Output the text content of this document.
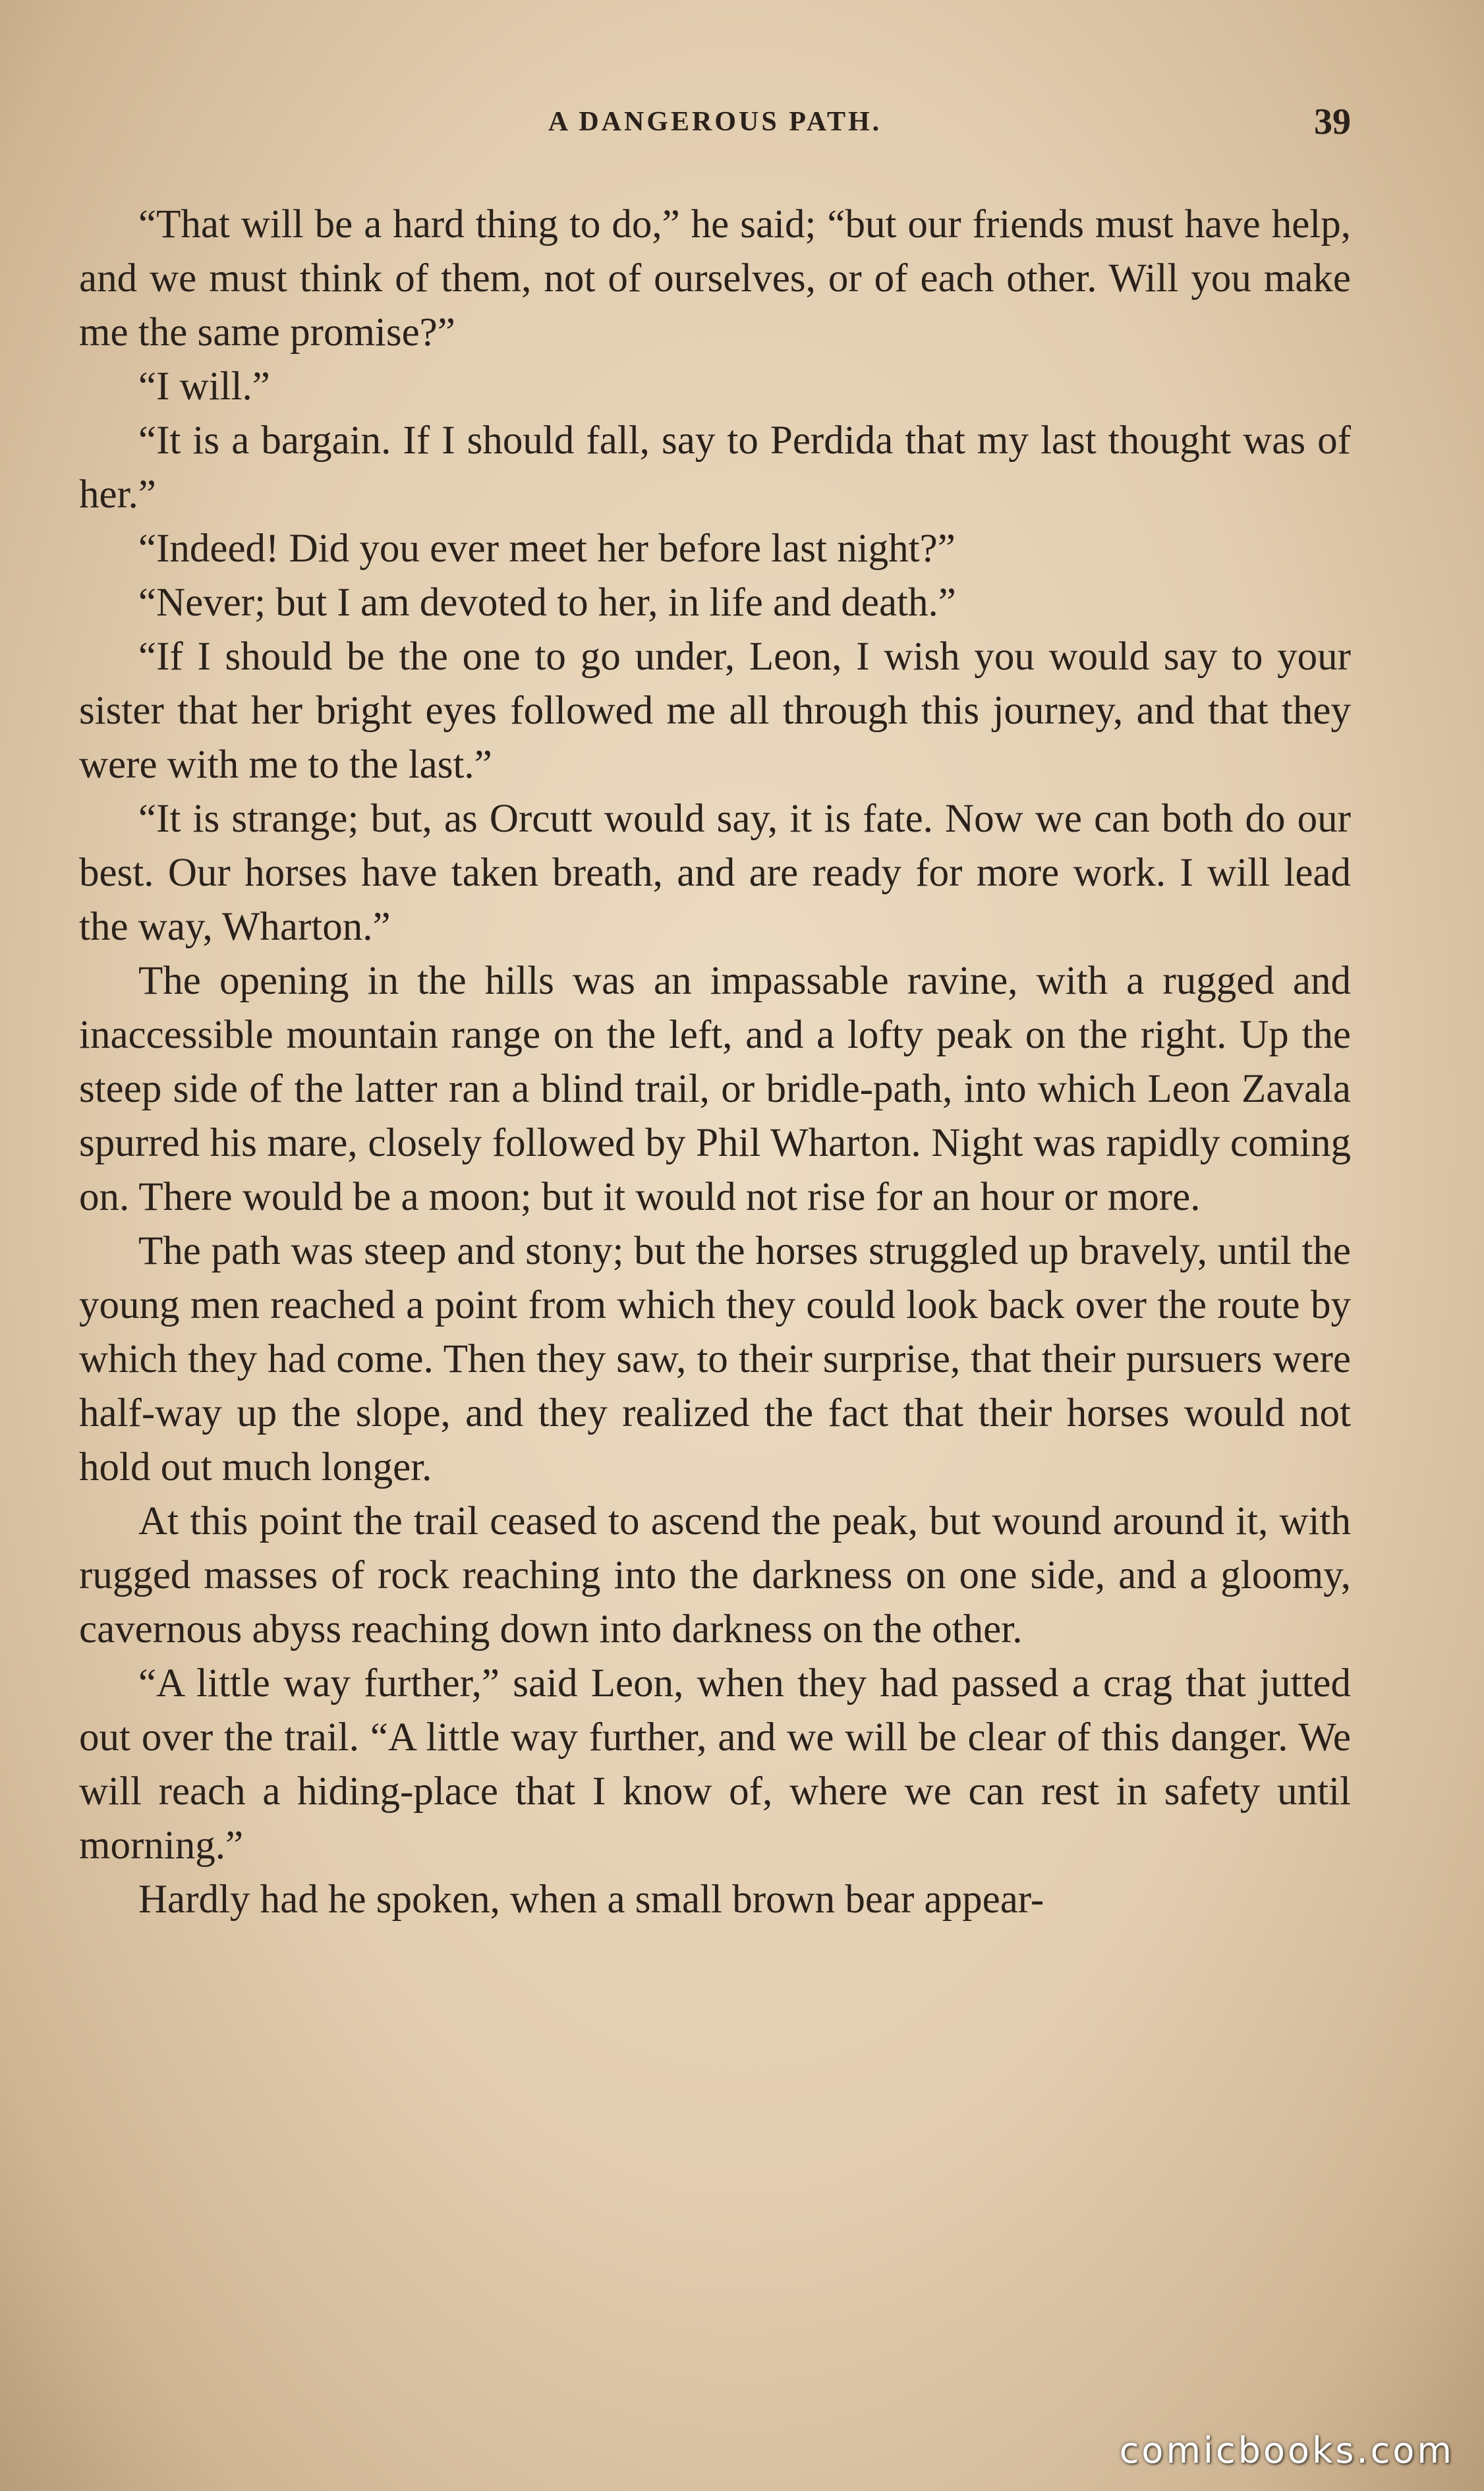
A DANGEROUS PATH.	39

“That will be a hard thing to do,” he said; “but our friends must have help, and we must think of them, not of ourselves, or of each other. Will you make me the same promise?”

“I will.”

“It is a bargain. If I should fall, say to Perdida that my last thought was of her.”

“Indeed! Did you ever meet her before last night?”

“Never; but I am devoted to her, in life and death.”

“If I should be the one to go under, Leon, I wish you would say to your sister that her bright eyes followed me all through this journey, and that they were with me to the last.”

“It is strange; but, as Orcutt would say, it is fate. Now we can both do our best. Our horses have taken breath, and are ready for more work. I will lead the way, Wharton.”

The opening in the hills was an impassable ravine, with a rugged and inaccessible mountain range on the left, and a lofty peak on the right. Up the steep side of the latter ran a blind trail, or bridle-path, into which Leon Zavala spurred his mare, closely followed by Phil Wharton. Night was rapidly coming on. There would be a moon; but it would not rise for an hour or more.

The path was steep and stony; but the horses struggled up bravely, until the young men reached a point from which they could look back over the route by which they had come. Then they saw, to their surprise, that their pursuers were half-way up the slope, and they realized the fact that their horses would not hold out much longer.

At this point the trail ceased to ascend the peak, but wound around it, with rugged masses of rock reaching into the darkness on one side, and a gloomy, cavernous abyss reaching down into darkness on the other.

“A little way further,” said Leon, when they had passed a crag that jutted out over the trail. “A little way further, and we will be clear of this danger. We will reach a hiding-place that I know of, where we can rest in safety until morning.”

Hardly had he spoken, when a small brown bear appear-

comicbooks.com
